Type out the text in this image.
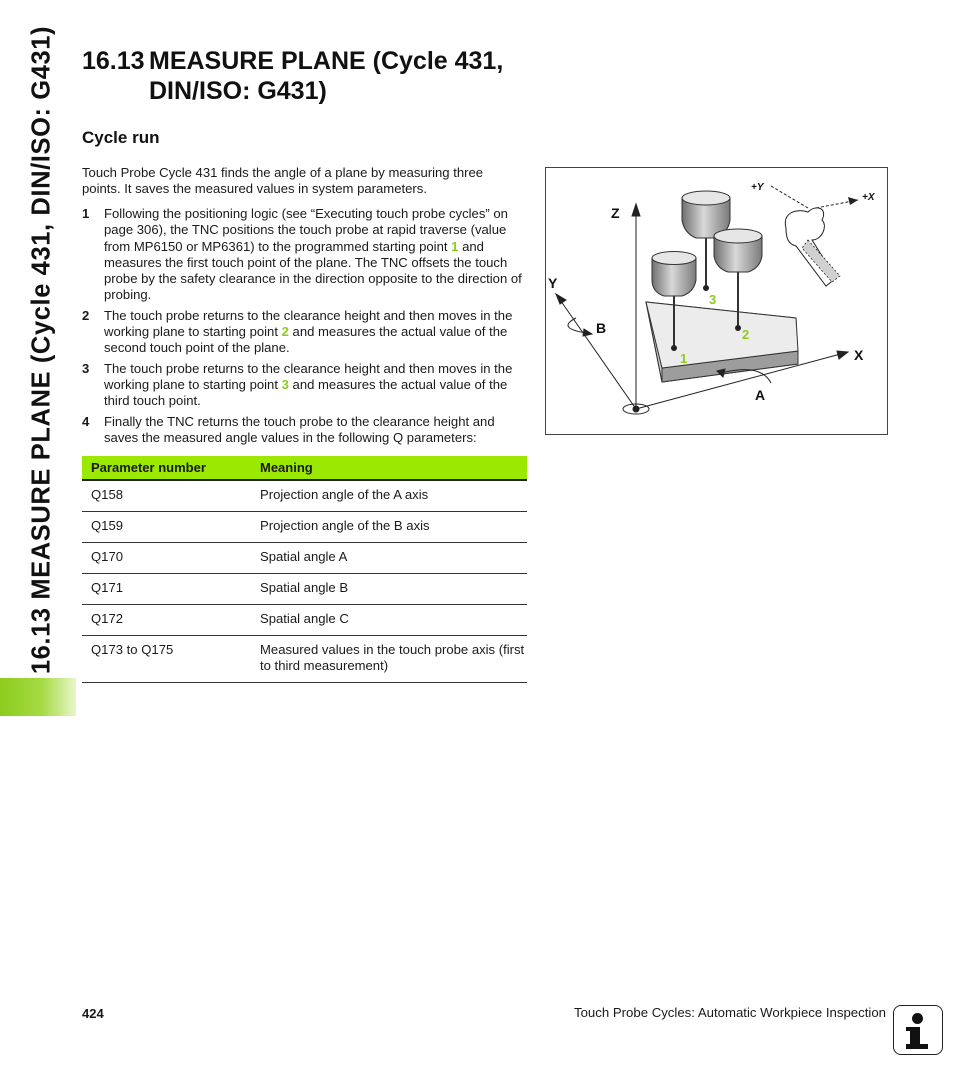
16.13 MEASURE PLANE (Cycle 431, DIN/ISO: G431) 16.13 MEASURE PLANE (Cycle 431,
DIN/ISO: G431)
Cycle run
Touch Probe Cycle 431 finds the angle of a plane by measuring three points. It saves the measured values in system parameters.
1 Following the positioning logic (see “Executing touch probe cycles” on page 306), the TNC positions the touch probe at rapid traverse (value from MP6150 or MP6361) to the programmed starting point 1 and measures the first touch point of the plane. The TNC offsets the touch probe by the safety clearance in the direction opposite to the direction of probing.
2 The touch probe returns to the clearance height and then moves in the working plane to starting point 2 and measures the actual value of the second touch point of the plane.
3 The touch probe returns to the clearance height and then moves in the working plane to starting point 3 and measures the actual value of the third touch point.
4 Finally the TNC returns the touch probe to the clearance height and saves the measured angle values in the following Q parameters:
Parameter number	Meaning
Q158	Projection angle of the A axis
Q159	Projection angle of the B axis
Q170	Spatial angle A
Q171	Spatial angle B
Q172	Spatial angle C
Q173 to Q175	Measured values in the touch probe axis (first to third measurement)
Z
Y
B
X
A
+Y
+X
1
2
3
424	Touch Probe Cycles: Automatic Workpiece Inspection
